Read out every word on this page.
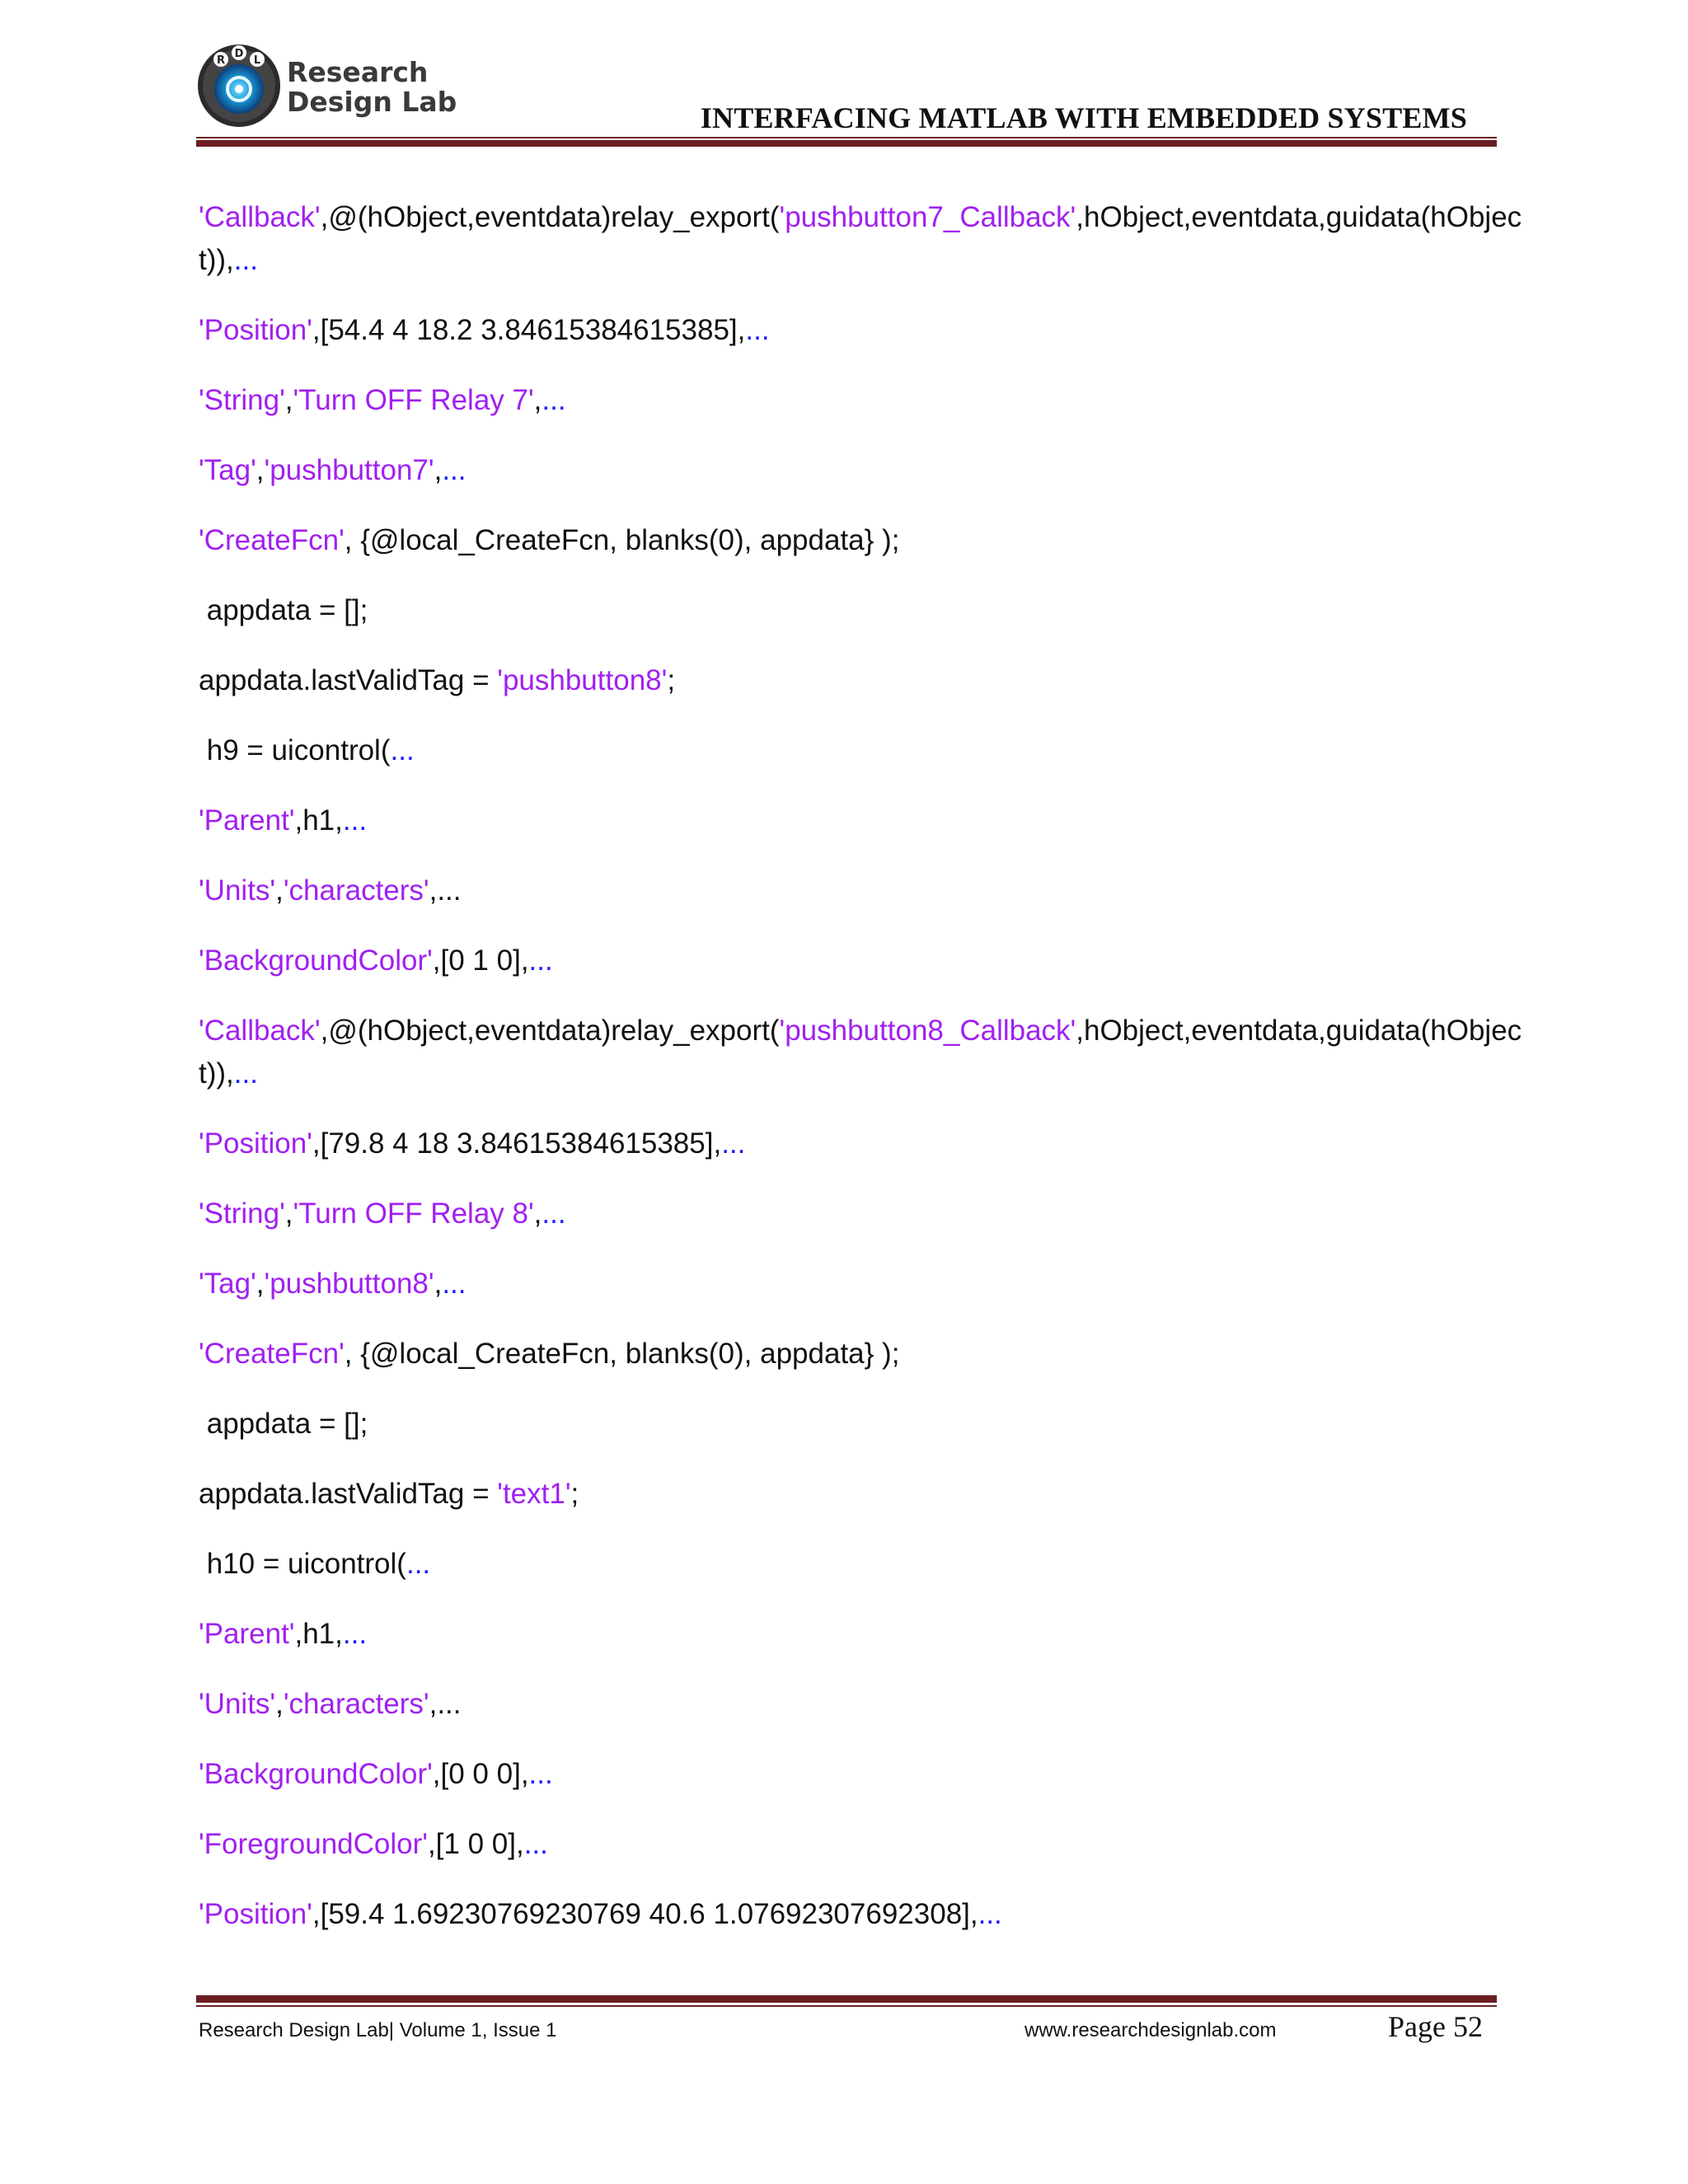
R
D
L Research
Design Lab	INTERFACING MATLAB WITH EMBEDDED SYSTEMS
'Callback',@(hObject,eventdata)relay_export('pushbutton7_Callback',hObject,eventdata,guidata(hObjec
t)),...
'Position',[54.4 4 18.2 3.84615384615385],...
'String','Turn OFF Relay 7',...
'Tag','pushbutton7',...
'CreateFcn', {@local_CreateFcn, blanks(0), appdata} );
appdata = [];
appdata.lastValidTag = 'pushbutton8';
h9 = uicontrol(...
'Parent',h1,...
'Units','characters',...
'BackgroundColor',[0 1 0],...
'Callback',@(hObject,eventdata)relay_export('pushbutton8_Callback',hObject,eventdata,guidata(hObjec
t)),...
'Position',[79.8 4 18 3.84615384615385],...
'String','Turn OFF Relay 8',...
'Tag','pushbutton8',...
'CreateFcn', {@local_CreateFcn, blanks(0), appdata} );
appdata = [];
appdata.lastValidTag = 'text1';
h10 = uicontrol(...
'Parent',h1,...
'Units','characters',...
'BackgroundColor',[0 0 0],...
'ForegroundColor',[1 0 0],...
'Position',[59.4 1.69230769230769 40.6 1.07692307692308],...
Research Design Lab| Volume 1, Issue 1	www.researchdesignlab.com	Page 52
